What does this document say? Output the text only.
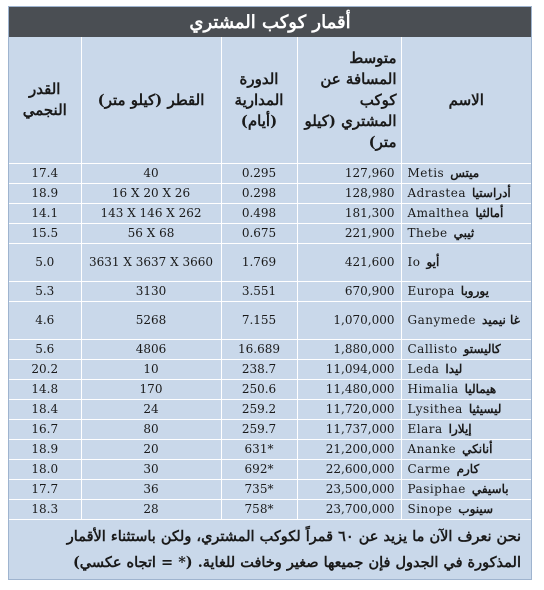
أقمار كوكب المشتري
الاسم	متوسط المسافة عن كوكب المشتري (كيلو متر)	الدورة المدارية (أيام)	القطر (كيلو متر)	القدر النجمي
ميتسMetis	127,960	0.295	40	17.4
أدراستياAdrastea	128,980	0.298	16 X 20 X 26	18.9
أمالثياAmalthea	181,300	0.498	143 X 146 X 262	14.1
ثيبيThebe	221,900	0.675	56 X 68	15.5
أيوIo	421,600	1.769	3631 X 3637 X 3660	5.0
يوروباEuropa	670,900	3.551	3130	5.3
غا نيميدGanymede	1,070,000	7.155	5268	4.6
كاليستوCallisto	1,880,000	16.689	4806	5.6
ليداLeda	11,094,000	238.7	10	20.2
هيمالياHimalia	11,480,000	250.6	170	14.8
ليسيثياLysithea	11,720,000	259.2	24	18.4
إيلاراElara	11,737,000	259.7	80	16.7
أنانكيAnanke	21,200,000	631*	20	18.9
كارمCarme	22,600,000	692*	30	18.0
باسيفيPasiphae	23,500,000	735*	36	17.7
سينوبSinope	23,700,000	758*	28	18.3
نحن نعرف الآن ما يزيد عن ٦٠ قمراً لكوكب المشتري، ولكن باستثناء الأقمار المذكورة في الجدول فإن جميعها صغير وخافت للغاية. (* = اتجاه عكسي)
